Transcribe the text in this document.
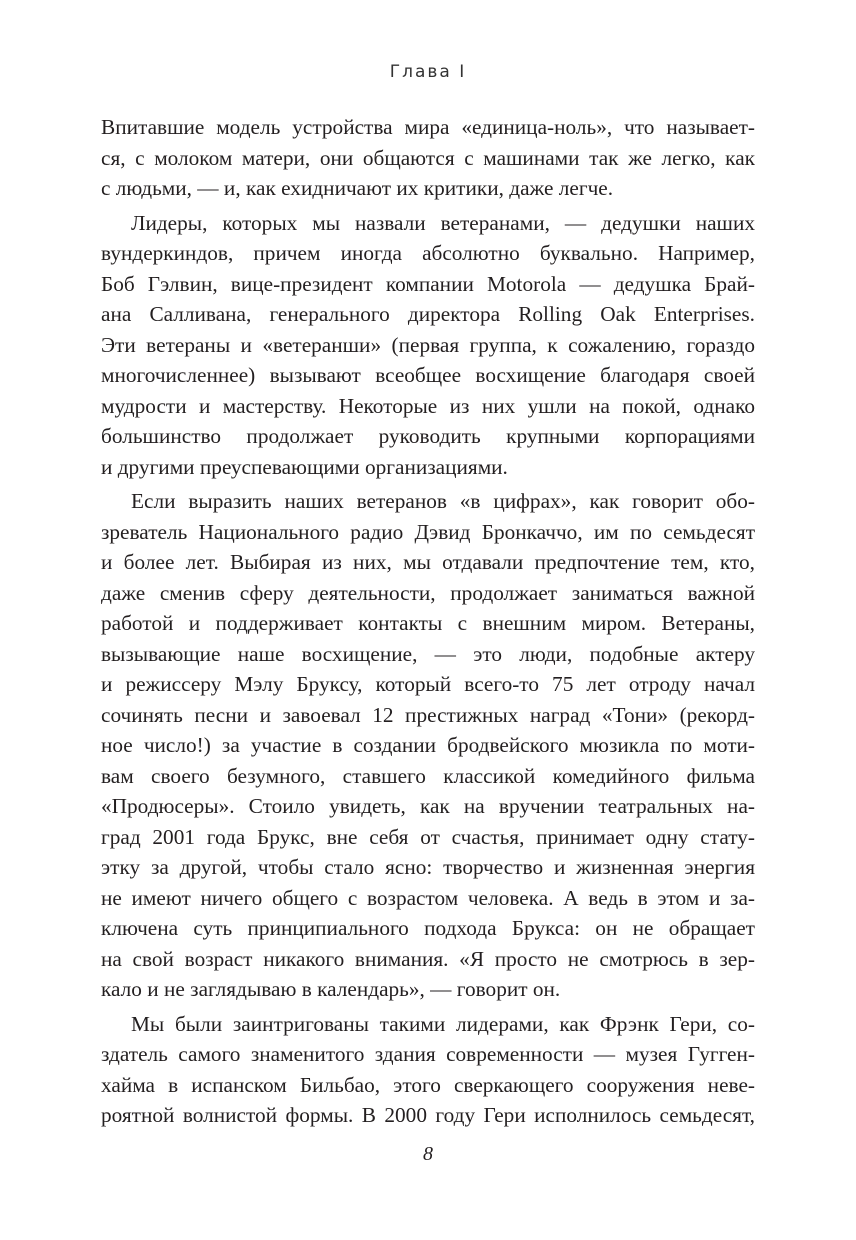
Глава I
Впитавшие модель устройства мира «единица-ноль», что называет-
ся, с молоком матери, они общаются с машинами так же легко, как
с людьми, — и, как ехидничают их критики, даже легче.
Лидеры, которых мы назвали ветеранами, — дедушки наших
вундеркиндов, причем иногда абсолютно буквально. Например,
Боб Гэлвин, вице-президент компании Motorola — дедушка Брай-
ана Салливана, генерального директора Rolling Oak Enterprises.
Эти ветераны и «ветеранши» (первая группа, к сожалению, гораздо
многочисленнее) вызывают всеобщее восхищение благодаря своей
мудрости и мастерству. Некоторые из них ушли на покой, однако
большинство продолжает руководить крупными корпорациями
и другими преуспевающими организациями.
Если выразить наших ветеранов «в цифрах», как говорит обо-
зреватель Национального радио Дэвид Бронкаччо, им по семьдесят
и более лет. Выбирая из них, мы отдавали предпочтение тем, кто,
даже сменив сферу деятельности, продолжает заниматься важной
работой и поддерживает контакты с внешним миром. Ветераны,
вызывающие наше восхищение, — это люди, подобные актеру
и режиссеру Мэлу Бруксу, который всего-то 75 лет отроду начал
сочинять песни и завоевал 12 престижных наград «Тони» (рекорд-
ное число!) за участие в создании бродвейского мюзикла по моти-
вам своего безумного, ставшего классикой комедийного фильма
«Продюсеры». Стоило увидеть, как на вручении театральных на-
град 2001 года Брукс, вне себя от счастья, принимает одну стату-
этку за другой, чтобы стало ясно: творчество и жизненная энергия
не имеют ничего общего с возрастом человека. А ведь в этом и за-
ключена суть принципиального подхода Брукса: он не обращает
на свой возраст никакого внимания. «Я просто не смотрюсь в зер-
кало и не заглядываю в календарь», — говорит он.
Мы были заинтригованы такими лидерами, как Фрэнк Гери, со-
здатель самого знаменитого здания современности — музея Гугген-
хайма в испанском Бильбао, этого сверкающего сооружения неве-
роятной волнистой формы. В 2000 году Гери исполнилось семьдесят,
8
